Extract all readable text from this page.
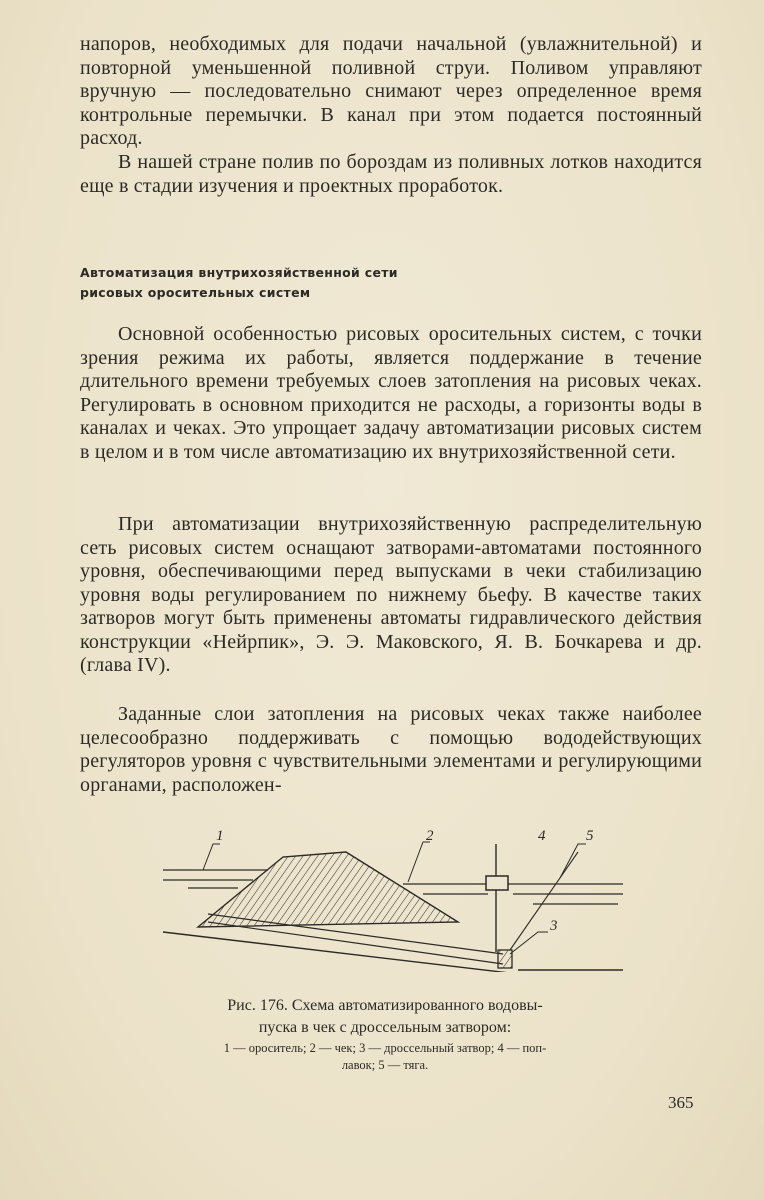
напоров, необходимых для подачи начальной (увлажнительной) и повторной уменьшенной поливной струи. Поливом управляют вручную — последовательно снимают через определенное время контрольные перемычки. В канал при этом подается постоянный расход.

В нашей стране полив по бороздам из поливных лотков находится еще в стадии изучения и проектных проработок.

Автоматизация внутрихозяйственной сети
рисовых оросительных систем

Основной особенностью рисовых оросительных систем, с точки зрения режима их работы, является поддержание в течение длительного времени требуемых слоев затопления на рисовых чеках. Регулировать в основном приходится не расходы, а горизонты воды в каналах и чеках. Это упрощает задачу автоматизации рисовых систем в целом и в том числе автоматизацию их внутрихозяйственной сети.

При автоматизации внутрихозяйственную распределительную сеть рисовых систем оснащают затворами-автоматами постоянного уровня, обеспечивающими перед выпусками в чеки стабилизацию уровня воды регулированием по нижнему бьефу. В качестве таких затворов могут быть применены автоматы гидравлического действия конструкции «Нейрпик», Э. Э. Маковского, Я. В. Бочкарева и др. (глава IV).

Заданные слои затопления на рисовых чеках также наиболее целесообразно поддерживать с помощью вододействующих регуляторов уровня с чувствительными элементами и регулирующими органами, расположен-

1	2
3
4	5

Рис. 176. Схема автоматизированного водовы-
пуска в чек с дроссельным затвором:

1 — ороситель; 2 — чек; 3 — дроссельный затвор; 4 — поп-
лавок; 5 — тяга.

365
